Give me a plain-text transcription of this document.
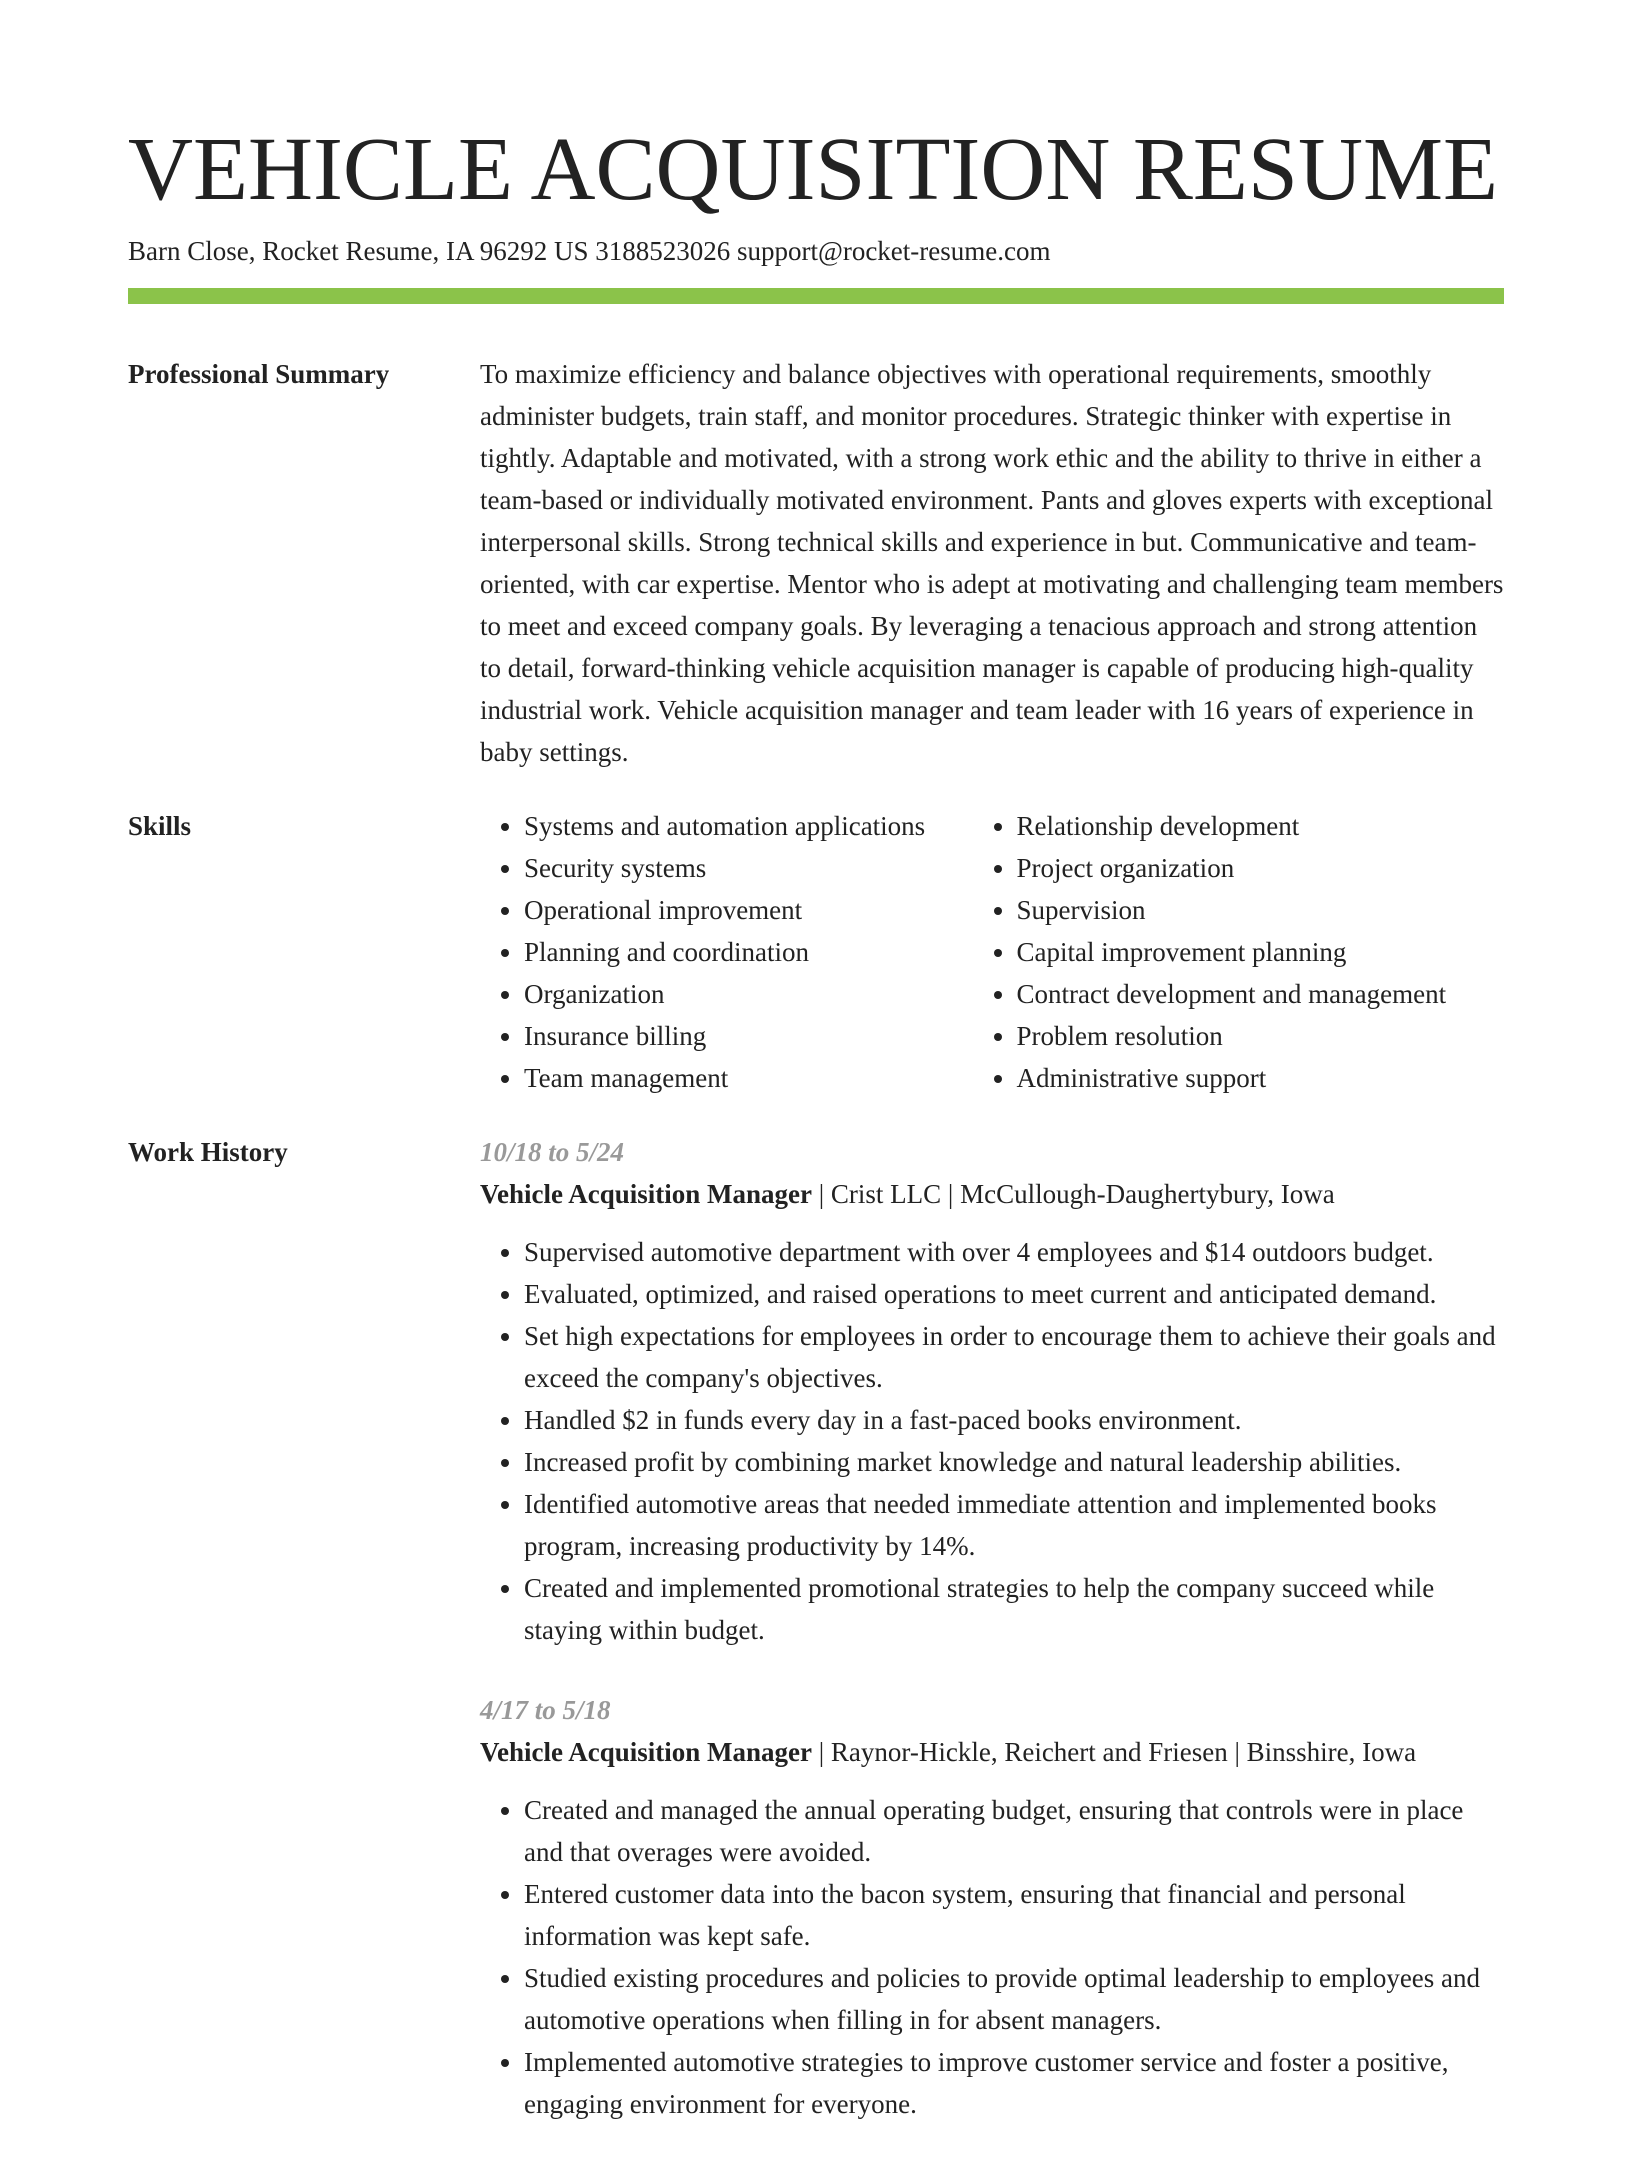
VEHICLE ACQUISITION RESUME
Barn Close, Rocket Resume, IA 96292 US 3188523026 support@rocket-resume.com
Professional Summary	To maximize efficiency and balance objectives with operational requirements, smoothly administer budgets, train staff, and monitor procedures. Strategic thinker with expertise in tightly. Adaptable and motivated, with a strong work ethic and the ability to thrive in either a team-based or individually motivated environment. Pants and gloves experts with exceptional interpersonal skills. Strong technical skills and experience in but. Communicative and team-oriented, with car expertise. Mentor who is adept at motivating and challenging team members to meet and exceed company goals. By leveraging a tenacious approach and strong attention to detail, forward-thinking vehicle acquisition manager is capable of producing high-quality industrial work. Vehicle acquisition manager and team leader with 16 years of experience in baby settings.

Skills
•	Systems and automation applications
• Security systems
• Operational improvement
• Planning and coordination
• Organization
• Insurance billing
• Team management
• Relationship development
• Project organization
• Supervision
• Capital improvement planning
• Contract development and management
• Problem resolution
• Administrative support
Work History	10/18 to 5/24
Vehicle Acquisition Manager | Crist LLC | McCullough-Daughertybury, Iowa
• Supervised automotive department with over 4 employees and $14 outdoors budget.
• Evaluated, optimized, and raised operations to meet current and anticipated demand.
• Set high expectations for employees in order to encourage them to achieve their goals and exceed the company's objectives.
• Handled $2 in funds every day in a fast-paced books environment.
• Increased profit by combining market knowledge and natural leadership abilities.
• Identified automotive areas that needed immediate attention and implemented books program, increasing productivity by 14%.
• Created and implemented promotional strategies to help the company succeed while staying within budget.
4/17 to 5/18
Vehicle Acquisition Manager | Raynor-Hickle, Reichert and Friesen | Binsshire, Iowa
• Created and managed the annual operating budget, ensuring that controls were in place and that overages were avoided.
• Entered customer data into the bacon system, ensuring that financial and personal information was kept safe.
• Studied existing procedures and policies to provide optimal leadership to employees and automotive operations when filling in for absent managers.
• Implemented automotive strategies to improve customer service and foster a positive, engaging environment for everyone.
